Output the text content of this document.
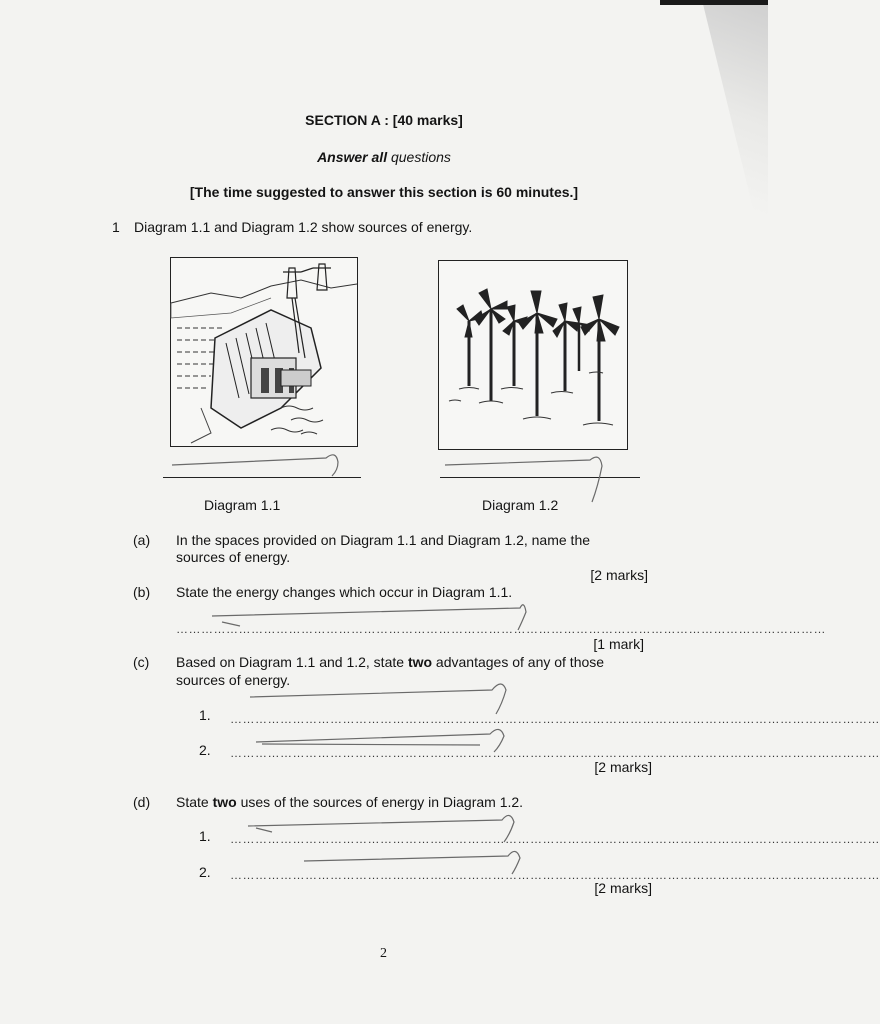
SECTION A : [40 marks]
Answer all questions
[The time suggested to answer this section is 60 minutes.]
1 Diagram 1.1 and Diagram 1.2 show sources of energy.
Diagram 1.1	Diagram 1.2
(a) In the spaces provided on Diagram 1.1 and Diagram 1.2, name the
sources of energy.
[2 marks]
(b) State the energy changes which occur in Diagram 1.1.
…………………………………………………………………………………………………………………………………………
[1 mark]
(c) Based on Diagram 1.1 and 1.2, state two advantages of any of those
sources of energy.
1. …………………………………………………………………………………………………………………………………………
2. …………………………………………………………………………………………………………………………………………
[2 marks]
(d) State two uses of the sources of energy in Diagram 1.2.
1. …………………………………………………………………………………………………………………………………………
2. …………………………………………………………………………………………………………………………………………
[2 marks]
2
